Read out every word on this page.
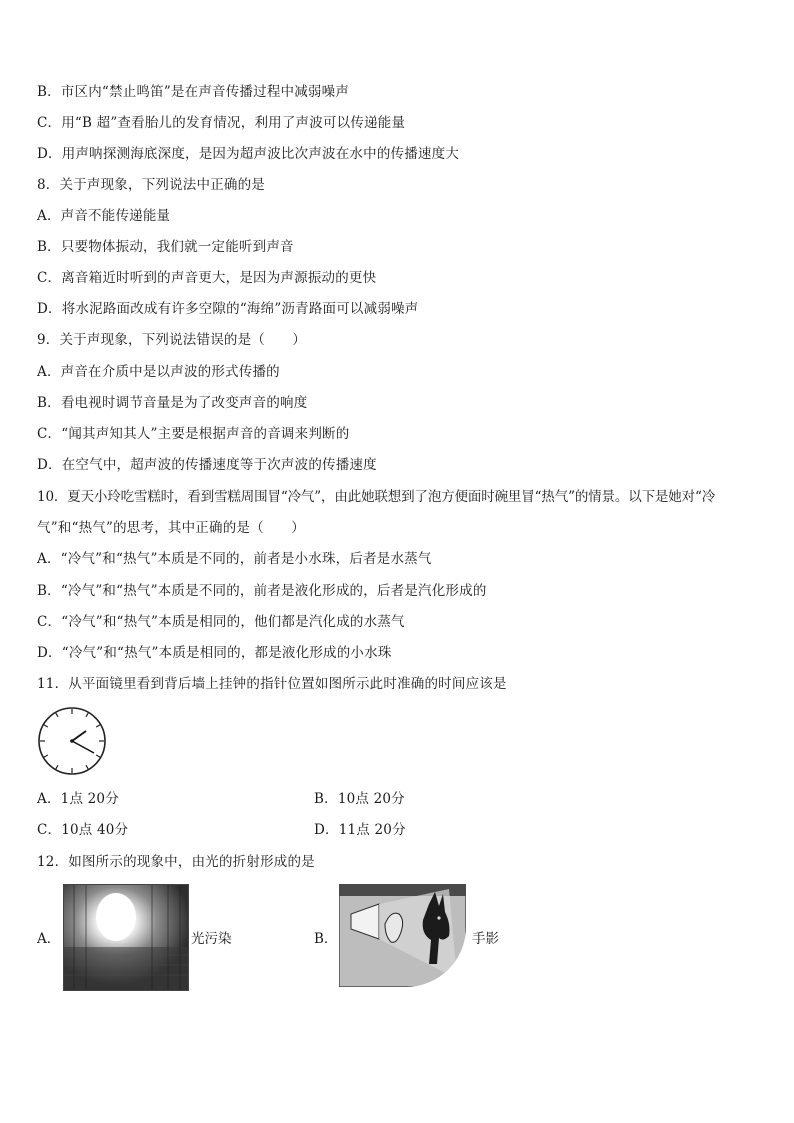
B．市区内“禁止鸣笛”是在声音传播过程中减弱噪声
C．用“B 超”查看胎儿的发育情况，利用了声波可以传递能量
D．用声呐探测海底深度，是因为超声波比次声波在水中的传播速度大
8．关于声现象，下列说法中正确的是
A．声音不能传递能量
B．只要物体振动，我们就一定能听到声音
C．离音箱近时听到的声音更大，是因为声源振动的更快
D．将水泥路面改成有许多空隙的“海绵”沥青路面可以减弱噪声
9．关于声现象，下列说法错误的是（　　）
A．声音在介质中是以声波的形式传播的
B．看电视时调节音量是为了改变声音的响度
C．“闻其声知其人”主要是根据声音的音调来判断的
D．在空气中，超声波的传播速度等于次声波的传播速度
10．夏天小玲吃雪糕时，看到雪糕周围冒“冷气”，由此她联想到了泡方便面时碗里冒“热气”的情景。以下是她对“冷
气”和“热气”的思考，其中正确的是（　　）
A．“冷气”和“热气”本质是不同的，前者是小水珠，后者是水蒸气
B．“冷气”和“热气”本质是不同的，前者是液化形成的，后者是汽化形成的
C．“冷气”和“热气”本质是相同的，他们都是汽化成的水蒸气
D．“冷气”和“热气”本质是相同的，都是液化形成的小水珠
11．从平面镜里看到背后墙上挂钟的指针位置如图所示此时准确的时间应该是
A．1点 20分	B．10点 20分
C．10点 40分	D．11点 20分
12．如图所示的现象中，由光的折射形成的是
A．	光污染	B．	手影
